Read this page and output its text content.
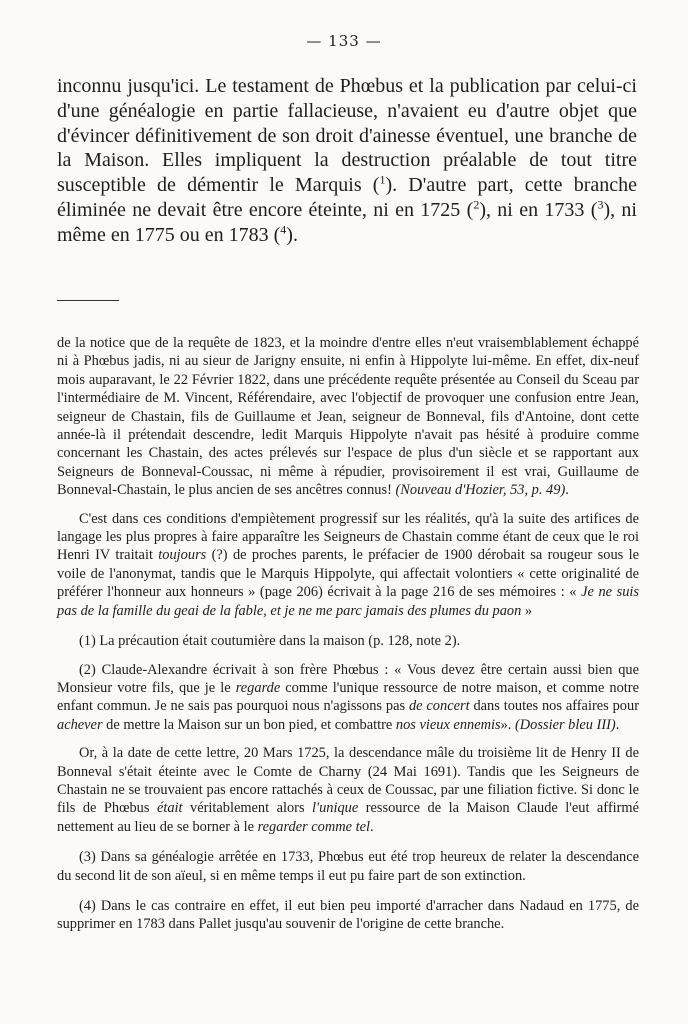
— 133 —

inconnu jusqu'ici. Le testament de Phœbus et la publication par celui-ci d'une généalogie en partie fallacieuse, n'avaient eu d'autre objet que d'évincer définitivement de son droit d'ainesse éventuel, une branche de la Maison. Elles impliquent la destruction préalable de tout titre susceptible de démentir le Marquis ($^1$). D'autre part, cette branche éliminée ne devait être encore éteinte, ni en 1725 ($^2$), ni en 1733 ($^3$), ni même en 1775 ou en 1783 ($^4$).

de la notice que de la requête de 1823, et la moindre d'entre elles n'eut vraisemblablement échappé ni à Phœbus jadis, ni au sieur de Jarigny ensuite, ni enfin à Hippolyte lui-même. En effet, dix-neuf mois auparavant, le 22 Février 1822, dans une précédente requête présentée au Conseil du Sceau par l'intermédiaire de M. Vincent, Référendaire, avec l'objectif de provoquer une confusion entre Jean, seigneur de Chastain, fils de Guillaume et Jean, seigneur de Bonneval, fils d'Antoine, dont cette année-là il prétendait descendre, ledit Marquis Hippolyte n'avait pas hésité à produire comme concernant les Chastain, des actes prélevés sur l'espace de plus d'un siècle et se rapportant aux Seigneurs de Bonneval-Coussac, ni même à répudier, provisoirement il est vrai, Guillaume de Bonneval-Chastain, le plus ancien de ses ancêtres connus! (Nouveau d'Hozier, 53, p. 49).

C'est dans ces conditions d'empiètement progressif sur les réalités, qu'à la suite des artifices de langage les plus propres à faire apparaître les Seigneurs de Chastain comme étant de ceux que le roi Henri IV traitait toujours (?) de proches parents, le préfacier de 1900 dérobait sa rougeur sous le voile de l'anonymat, tandis que le Marquis Hippolyte, qui affectait volontiers « cette originalité de préférer l'honneur aux honneurs » (page 206) écrivait à la page 216 de ses mémoires : « Je ne suis pas de la famille du geai de la fable, et je ne me parc jamais des plumes du paon »

(1) La précaution était coutumière dans la maison (p. 128, note 2).

(2) Claude-Alexandre écrivait à son frère Phœbus : « Vous devez être certain aussi bien que Monsieur votre fils, que je le regarde comme l'unique ressource de notre maison, et comme notre enfant commun. Je ne sais pas pourquoi nous n'agissons pas de concert dans toutes nos affaires pour achever de mettre la Maison sur un bon pied, et combattre nos vieux ennemis». (Dossier bleu III).

Or, à la date de cette lettre, 20 Mars 1725, la descendance mâle du troisième lit de Henry II de Bonneval s'était éteinte avec le Comte de Charny (24 Mai 1691). Tandis que les Seigneurs de Chastain ne se trouvaient pas encore rattachés à ceux de Coussac, par une filiation fictive. Si donc le fils de Phœbus était véritablement alors l'unique ressource de la Maison Claude l'eut affirmé nettement au lieu de se borner à le regarder comme tel.

(3) Dans sa généalogie arrêtée en 1733, Phœbus eut été trop heureux de relater la descendance du second lit de son aïeul, si en même temps il eut pu faire part de son extinction.

(4) Dans le cas contraire en effet, il eut bien peu importé d'arracher dans Nadaud en 1775, de supprimer en 1783 dans Pallet jusqu'au souvenir de l'origine de cette branche.
